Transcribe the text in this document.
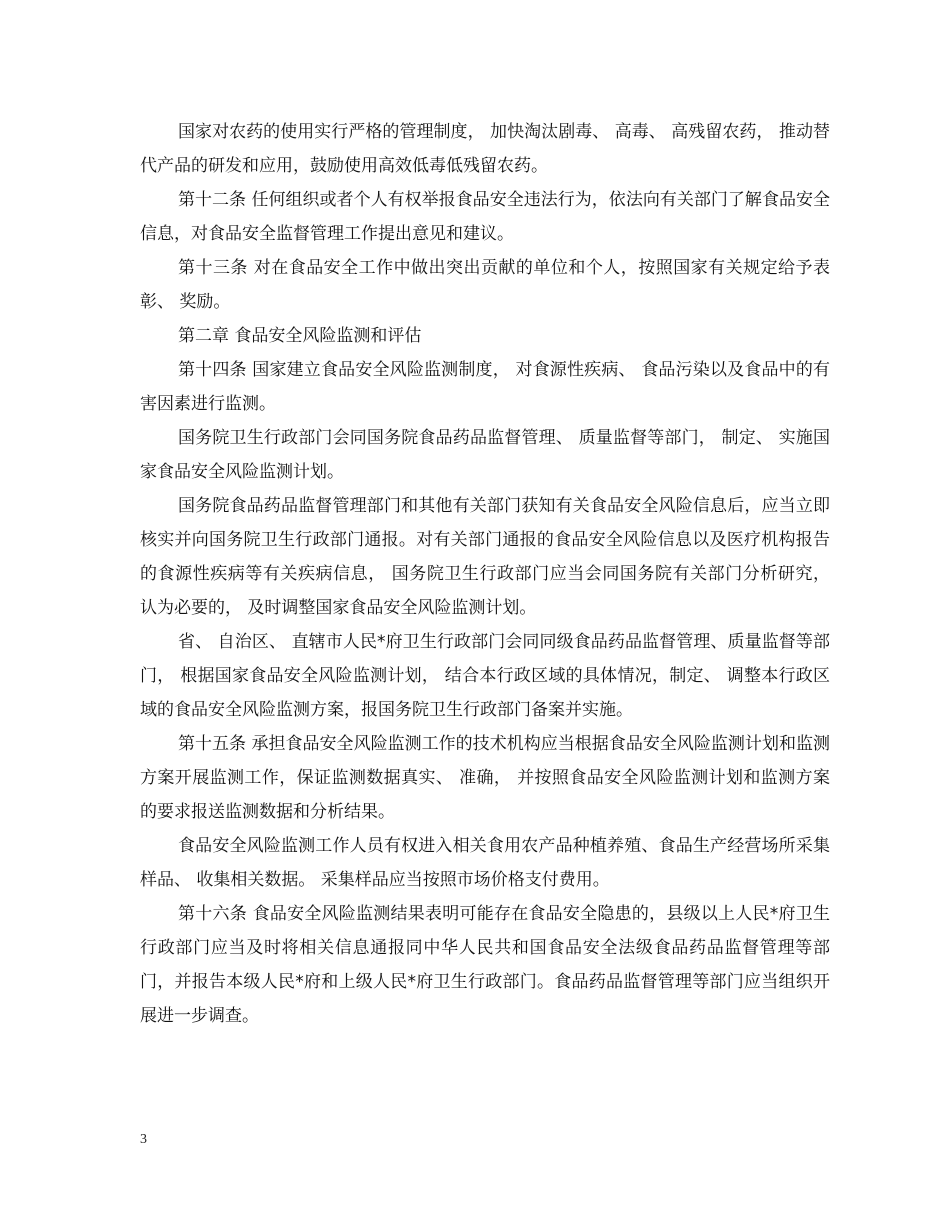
国家对农药的使用实行严格的管理制度， 加快淘汰剧毒、 高毒、 高残留农药， 推动替代产品的研发和应用，鼓励使用高效低毒低残留农药。

第十二条 任何组织或者个人有权举报食品安全违法行为，依法向有关部门了解食品安全信息，对食品安全监督管理工作提出意见和建议。

第十三条 对在食品安全工作中做出突出贡献的单位和个人，按照国家有关规定给予表彰、 奖励。

第二章 食品安全风险监测和评估

第十四条 国家建立食品安全风险监测制度， 对食源性疾病、 食品污染以及食品中的有害因素进行监测。

国务院卫生行政部门会同国务院食品药品监督管理、 质量监督等部门， 制定、 实施国家食品安全风险监测计划。

国务院食品药品监督管理部门和其他有关部门获知有关食品安全风险信息后，应当立即核实并向国务院卫生行政部门通报。对有关部门通报的食品安全风险信息以及医疗机构报告的食源性疾病等有关疾病信息， 国务院卫生行政部门应当会同国务院有关部门分析研究， 认为必要的， 及时调整国家食品安全风险监测计划。

省、 自治区、 直辖市人民*府卫生行政部门会同同级食品药品监督管理、质量监督等部门， 根据国家食品安全风险监测计划， 结合本行政区域的具体情况，制定、 调整本行政区域的食品安全风险监测方案，报国务院卫生行政部门备案并实施。

第十五条 承担食品安全风险监测工作的技术机构应当根据食品安全风险监测计划和监测方案开展监测工作，保证监测数据真实、 准确， 并按照食品安全风险监测计划和监测方案的要求报送监测数据和分析结果。

食品安全风险监测工作人员有权进入相关食用农产品种植养殖、食品生产经营场所采集样品、 收集相关数据。 采集样品应当按照市场价格支付费用。

第十六条 食品安全风险监测结果表明可能存在食品安全隐患的，县级以上人民*府卫生行政部门应当及时将相关信息通报同中华人民共和国食品安全法级食品药品监督管理等部门，并报告本级人民*府和上级人民*府卫生行政部门。食品药品监督管理等部门应当组织开展进一步调查。

3
